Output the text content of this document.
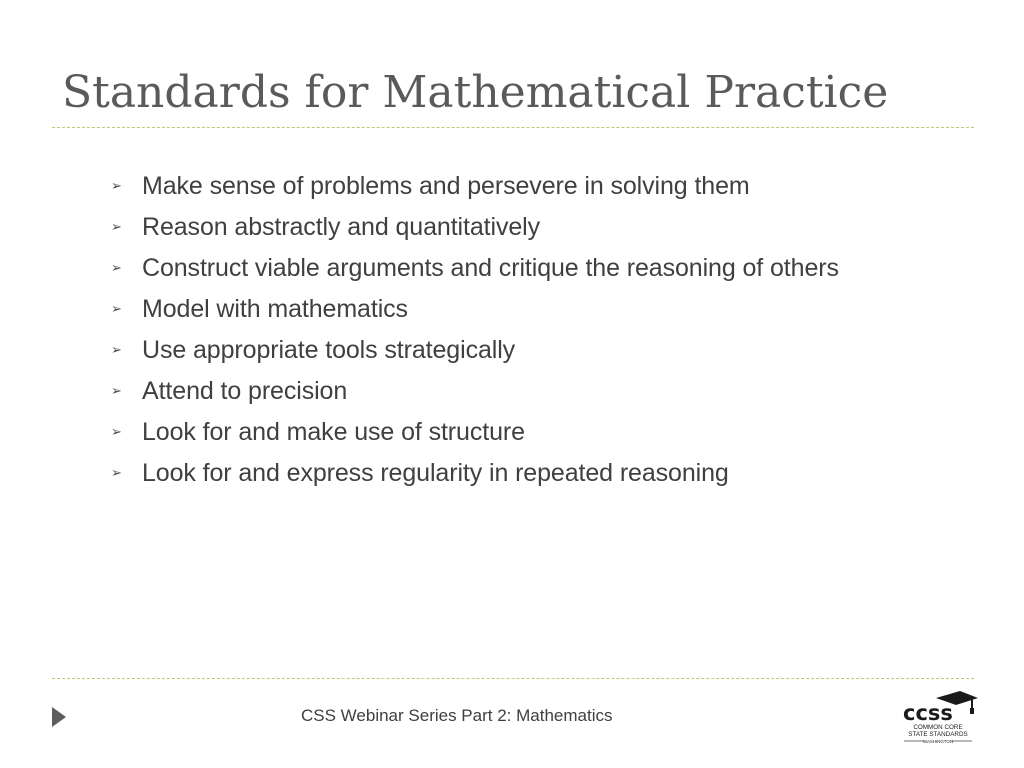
Standards for Mathematical Practice
➢ Make sense of problems and persevere in solving them
➢ Reason abstractly and quantitatively
➢ Construct viable arguments and critique the reasoning of others
➢ Model with mathematics
➢ Use appropriate tools strategically
➢ Attend to precision
➢ Look for and make use of structure
➢ Look for and express regularity in repeated reasoning
CSS Webinar Series Part 2: Mathematics	ccss
COMMON CORE
STATE STANDARDS
WASHINGTON
